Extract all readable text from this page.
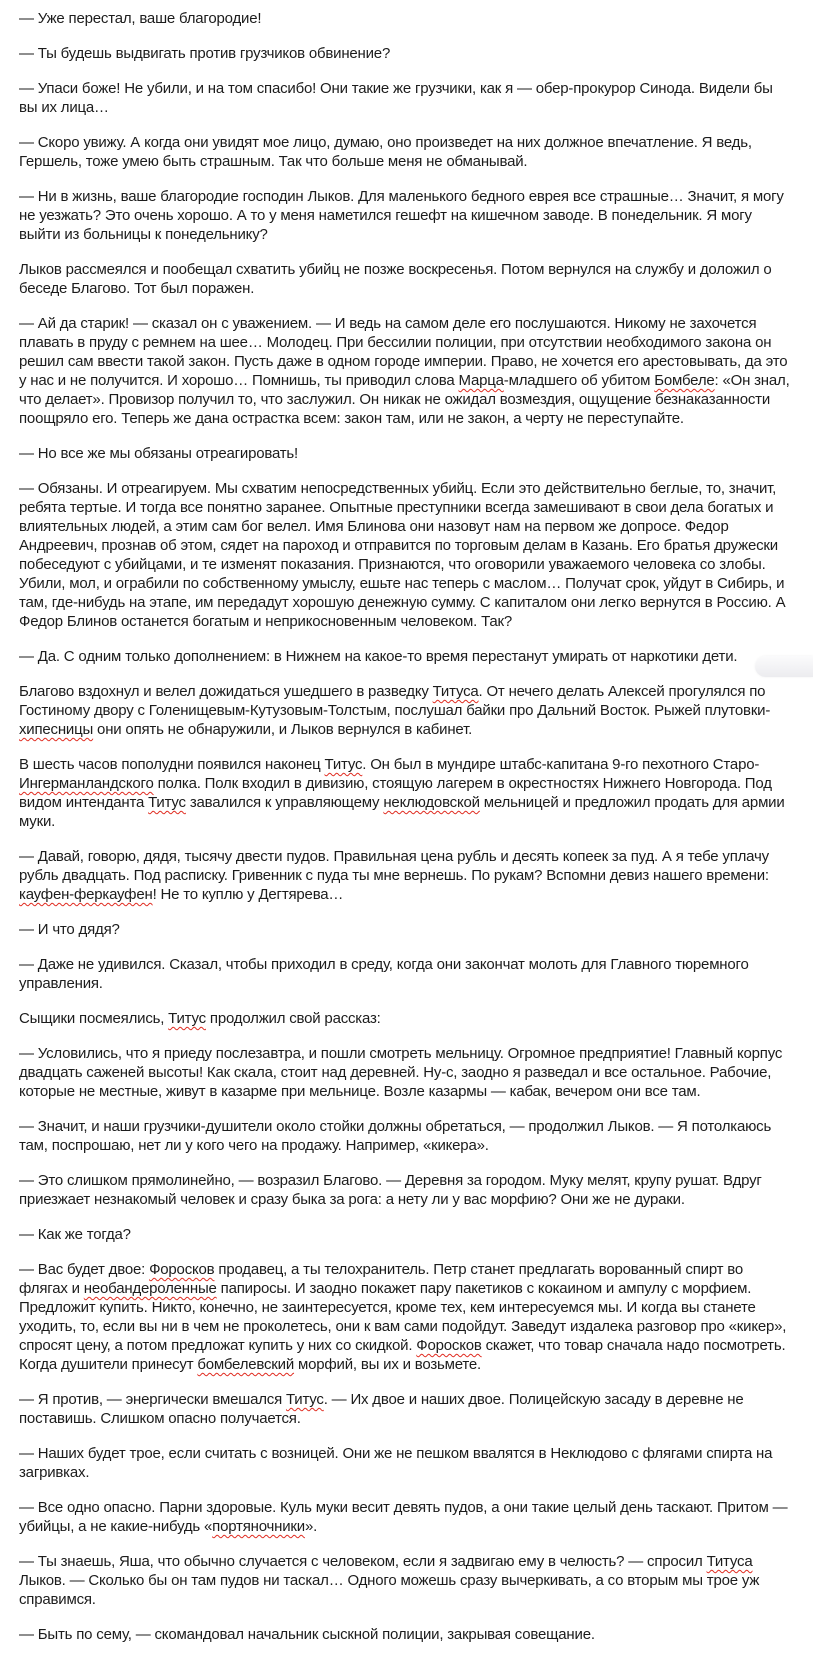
— Уже перестал, ваше благородие!

— Ты будешь выдвигать против грузчиков обвинение?

— Упаси боже! Не убили, и на том спасибо! Они такие же грузчики, как я — обер-прокурор Синода. Видели бы вы их лица…

— Скоро увижу. А когда они увидят мое лицо, думаю, оно произведет на них должное впечатление. Я ведь, Гершель, тоже умею быть страшным. Так что больше меня не обманывай.

— Ни в жизнь, ваше благородие господин Лыков. Для маленького бедного еврея все страшные… Значит, я могу не уезжать? Это очень хорошо. А то у меня наметился гешефт на кишечном заводе. В понедельник. Я могу выйти из больницы к понедельнику?

Лыков рассмеялся и пообещал схватить убийц не позже воскресенья. Потом вернулся на службу и доложил о беседе Благово. Тот был поражен.

— Ай да старик! — сказал он с уважением. — И ведь на самом деле его послушаются. Никому не захочется плавать в пруду с ремнем на шее… Молодец. При бессилии полиции, при отсутствии необходимого закона он решил сам ввести такой закон. Пусть даже в одном городе империи. Право, не хочется его арестовывать, да это у нас и не получится. И хорошо… Помнишь, ты приводил слова Марца-младшего об убитом Бомбеле: «Он знал, что делает». Провизор получил то, что заслужил. Он никак не ожидал возмездия, ощущение безнаказанности поощряло его. Теперь же дана острастка всем: закон там, или не закон, а черту не переступайте.

— Но все же мы обязаны отреагировать!

— Обязаны. И отреагируем. Мы схватим непосредственных убийц. Если это действительно беглые, то, значит, ребята тертые. И тогда все понятно заранее. Опытные преступники всегда замешивают в свои дела богатых и влиятельных людей, а этим сам бог велел. Имя Блинова они назовут нам на первом же допросе. Федор Андреевич, прознав об этом, сядет на пароход и отправится по торговым делам в Казань. Его братья дружески побеседуют с убийцами, и те изменят показания. Признаются, что оговорили уважаемого человека со злобы. Убили, мол, и ограбили по собственному умыслу, ешьте нас теперь с маслом… Получат срок, уйдут в Сибирь, и там, где-нибудь на этапе, им передадут хорошую денежную сумму. С капиталом они легко вернутся в Россию. А Федор Блинов останется богатым и неприкосновенным человеком. Так?

— Да. С одним только дополнением: в Нижнем на какое-то время перестанут умирать от наркотики дети.

Благово вздохнул и велел дожидаться ушедшего в разведку Титуса. От нечего делать Алексей прогулялся по Гостиному двору с Голенищевым-Кутузовым-Толстым, послушал байки про Дальний Восток. Рыжей плутовки-хипесницы они опять не обнаружили, и Лыков вернулся в кабинет.

В шесть часов пополудни появился наконец Титус. Он был в мундире штабс-капитана 9-го пехотного Старо-Ингерманландского полка. Полк входил в дивизию, стоящую лагерем в окрестностях Нижнего Новгорода. Под видом интенданта Титус завалился к управляющему неклюдовской мельницей и предложил продать для армии муки.

— Давай, говорю, дядя, тысячу двести пудов. Правильная цена рубль и десять копеек за пуд. А я тебе уплачу рубль двадцать. Под расписку. Гривенник с пуда ты мне вернешь. По рукам? Вспомни девиз нашего времени: кауфен-феркауфен! Не то куплю у Дегтярева…

— И что дядя?

— Даже не удивился. Сказал, чтобы приходил в среду, когда они закончат молоть для Главного тюремного управления.

Сыщики посмеялись, Титус продолжил свой рассказ:

— Условились, что я приеду послезавтра, и пошли смотреть мельницу. Огромное предприятие! Главный корпус двадцать саженей высоты! Как скала, стоит над деревней. Ну-с, заодно я разведал и все остальное. Рабочие, которые не местные, живут в казарме при мельнице. Возле казармы — кабак, вечером они все там.

— Значит, и наши грузчики-душители около стойки должны обретаться, — продолжил Лыков. — Я потолкаюсь там, поспрошаю, нет ли у кого чего на продажу. Например, «кикера».

— Это слишком прямолинейно, — возразил Благово. — Деревня за городом. Муку мелят, крупу рушат. Вдруг приезжает незнакомый человек и сразу быка за рога: а нету ли у вас морфию? Они же не дураки.

— Как же тогда?

— Вас будет двое: Форосков продавец, а ты телохранитель. Петр станет предлагать ворованный спирт во флягах и необандероленные папиросы. И заодно покажет пару пакетиков с кокаином и ампулу с морфием. Предложит купить. Никто, конечно, не заинтересуется, кроме тех, кем интересуемся мы. И когда вы станете уходить, то, если вы ни в чем не проколетесь, они к вам сами подойдут. Заведут издалека разговор про «кикер», спросят цену, а потом предложат купить у них со скидкой. Форосков скажет, что товар сначала надо посмотреть. Когда душители принесут бомбелевский морфий, вы их и возьмете.

— Я против, — энергически вмешался Титус. — Их двое и наших двое. Полицейскую засаду в деревне не поставишь. Слишком опасно получается.

— Наших будет трое, если считать с возницей. Они же не пешком ввалятся в Неклюдово с флягами спирта на загривках.

— Все одно опасно. Парни здоровые. Куль муки весит девять пудов, а они такие целый день таскают. Притом — убийцы, а не какие-нибудь «портяночники».

— Ты знаешь, Яша, что обычно случается с человеком, если я задвигаю ему в челюсть? — спросил Титуса Лыков. — Сколько бы он там пудов ни таскал… Одного можешь сразу вычеркивать, а со вторым мы трое уж справимся.

— Быть по сему, — скомандовал начальник сыскной полиции, закрывая совещание.
